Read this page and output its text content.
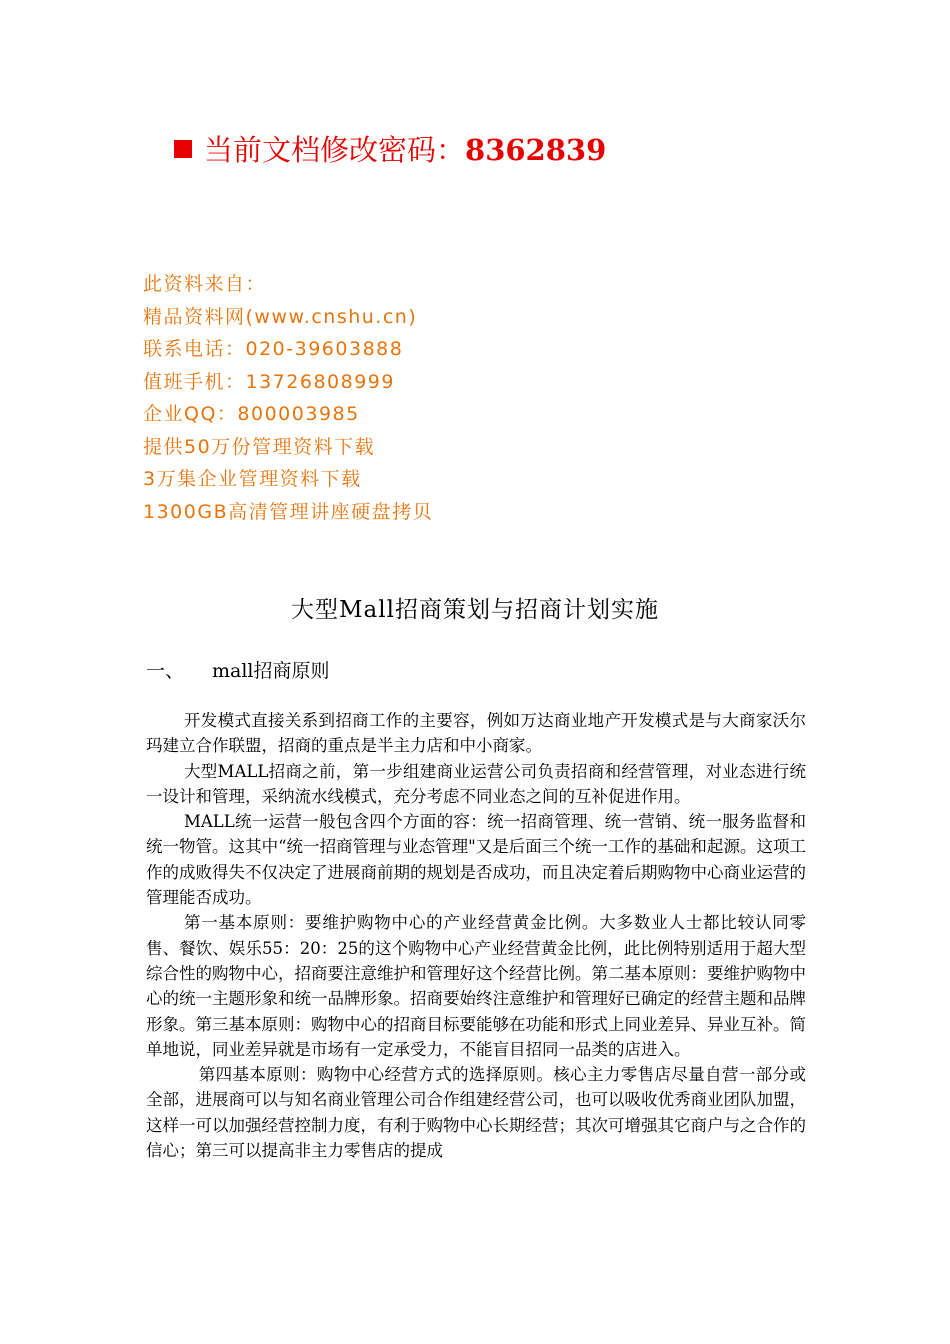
当前文档修改密码：8362839
此资料来自：
精品资料网(www.cnshu.cn)
联系电话：020-39603888
值班手机：13726808999
企业QQ：800003985
提供50万份管理资料下载
3万集企业管理资料下载
1300GB高清管理讲座硬盘拷贝
大型Mall招商策划与招商计划实施
一、 mall招商原则

开发模式直接关系到招商工作的主要容，例如万达商业地产开发模式是与大商家沃尔玛建立合作联盟，招商的重点是半主力店和中小商家。

大型MALL招商之前，第一步组建商业运营公司负责招商和经营管理，对业态进行统一设计和管理，采纳流水线模式，充分考虑不同业态之间的互补促进作用。

MALL统一运营一般包含四个方面的容：统一招商管理、统一营销、统一服务监督和统一物管。这其中“统一招商管理与业态管理"又是后面三个统一工作的基础和起源。这项工作的成败得失不仅决定了进展商前期的规划是否成功，而且决定着后期购物中心商业运营的管理能否成功。

第一基本原则：要维护购物中心的产业经营黄金比例。大多数业人士都比较认同零售、餐饮、娱乐55：20：25的这个购物中心产业经营黄金比例，此比例特别适用于超大型综合性的购物中心，招商要注意维护和管理好这个经营比例。第二基本原则：要维护购物中心的统一主题形象和统一品牌形象。招商要始终注意维护和管理好已确定的经营主题和品牌形象。第三基本原则：购物中心的招商目标要能够在功能和形式上同业差异、异业互补。简单地说，同业差异就是市场有一定承受力，不能盲目招同一品类的店进入。

第四基本原则：购物中心经营方式的选择原则。核心主力零售店尽量自营一部分或全部，进展商可以与知名商业管理公司合作组建经营公司，也可以吸收优秀商业团队加盟，这样一可以加强经营控制力度，有利于购物中心长期经营；其次可增强其它商户与之合作的信心；第三可以提高非主力零售店的提成
